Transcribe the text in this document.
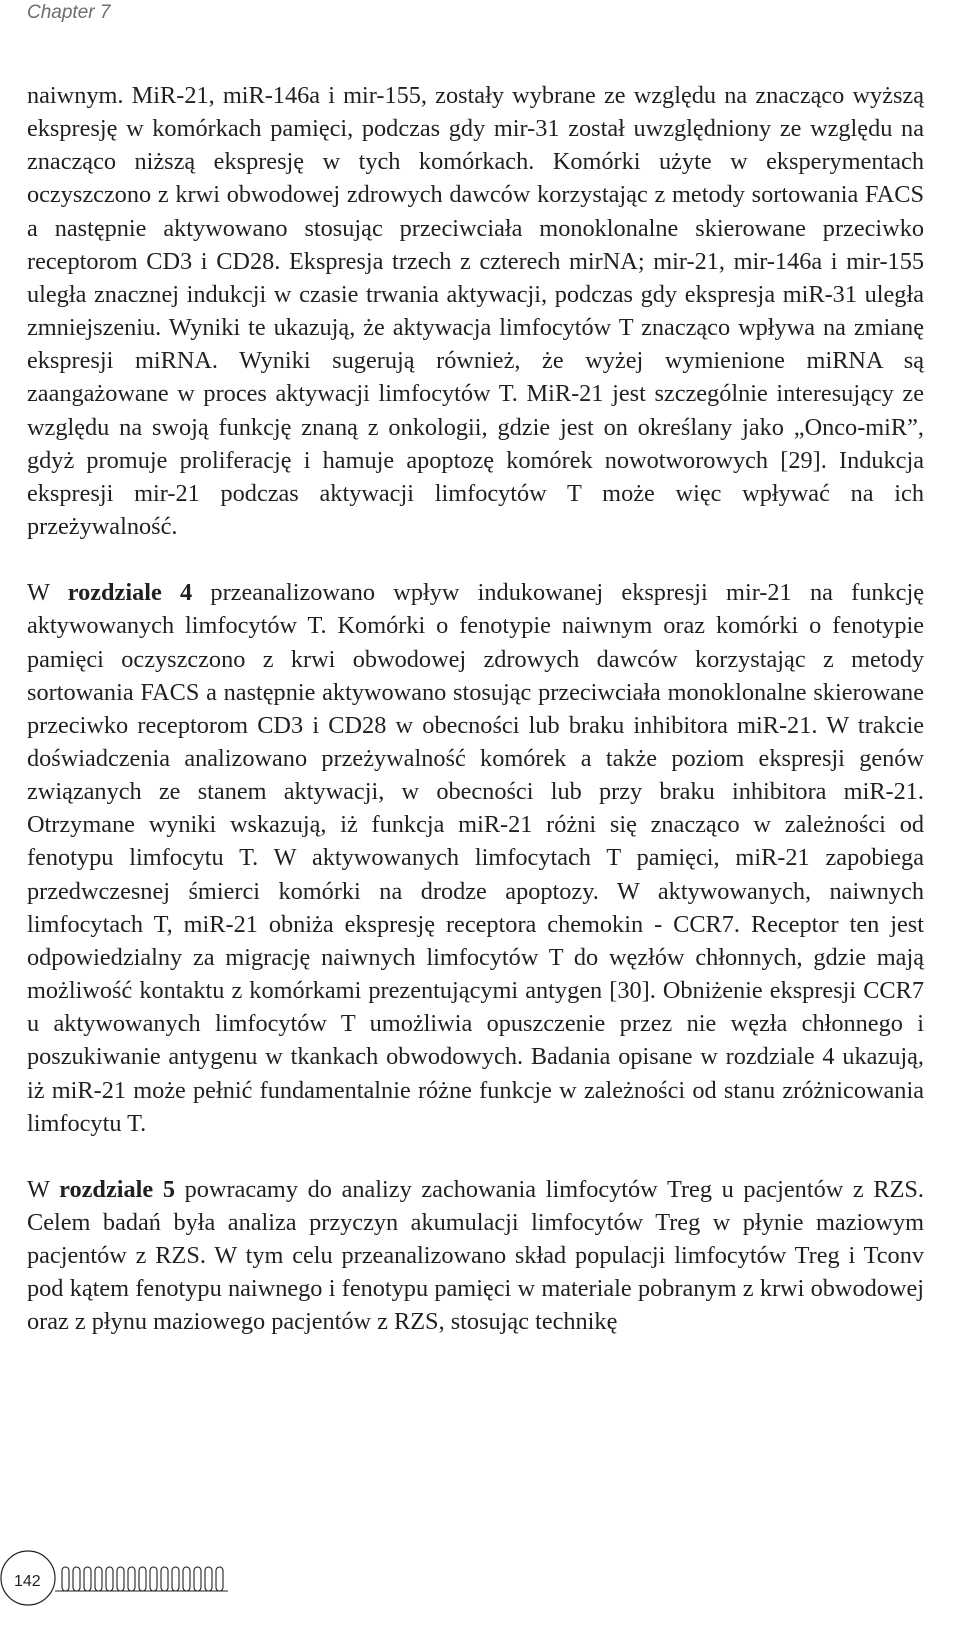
Chapter 7

naiwnym. MiR-21, miR-146a i mir-155, zostały wybrane ze względu na znacząco wyższą ekspresję w komórkach pamięci, podczas gdy mir-31 został uwzględniony ze względu na znacząco niższą ekspresję w tych komórkach. Komórki użyte w eksperymentach oczyszczono z krwi obwodowej zdrowych dawców korzystając z metody sortowania FACS a następnie aktywowano stosując przeciwciała monoklonalne skierowane przeciwko receptorom CD3 i CD28. Ekspresja trzech z czterech mirNA; mir-21, mir-146a i mir-155 uległa znacznej indukcji w czasie trwania aktywacji, podczas gdy ekspresja miR-31 uległa zmniejszeniu. Wyniki te ukazują, że aktywacja limfocytów T znacząco wpływa na zmianę ekspresji miRNA. Wyniki sugerują również, że wyżej wymienione miRNA są zaangażowane w proces aktywacji limfocytów T. MiR-21 jest szczególnie interesujący ze względu na swoją funkcję znaną z onkologii, gdzie jest on określany jako „Onco-miR”, gdyż promuje proliferację i hamuje apoptozę komórek nowotworowych [29]. Indukcja ekspresji mir-21 podczas aktywacji limfocytów T może więc wpływać na ich przeżywalność.

W rozdziale 4 przeanalizowano wpływ indukowanej ekspresji mir-21 na funkcję aktywowanych limfocytów T. Komórki o fenotypie naiwnym oraz komórki o fenotypie pamięci oczyszczono z krwi obwodowej zdrowych dawców korzystając z metody sortowania FACS a następnie aktywowano stosując przeciwciała monoklonalne skierowane przeciwko receptorom CD3 i CD28 w obecności lub braku inhibitora miR-21. W trakcie doświadczenia analizowano przeżywalność komórek a także poziom ekspresji genów związanych ze stanem aktywacji, w obecności lub przy braku inhibitora miR-21. Otrzymane wyniki wskazują, iż funkcja miR-21 różni się znacząco w zależności od fenotypu limfocytu T. W aktywowanych limfocytach T pamięci, miR-21 zapobiega przedwczesnej śmierci komórki na drodze apoptozy. W aktywowanych, naiwnych limfocytach T, miR-21 obniża ekspresję receptora chemokin - CCR7. Receptor ten jest odpowiedzialny za migrację naiwnych limfocytów T do węzłów chłonnych, gdzie mają możliwość kontaktu z komórkami prezentującymi antygen [30]. Obniżenie ekspresji CCR7 u aktywowanych limfocytów T umożliwia opuszczenie przez nie węzła chłonnego i poszukiwanie antygenu w tkankach obwodowych. Badania opisane w rozdziale 4 ukazują, iż miR-21 może pełnić fundamentalnie różne funkcje w zależności od stanu zróżnicowania limfocytu T.

W rozdziale 5 powracamy do analizy zachowania limfocytów Treg u pacjentów z RZS. Celem badań była analiza przyczyn akumulacji limfocytów Treg w płynie maziowym pacjentów z RZS. W tym celu przeanalizowano skład populacji limfocytów Treg i Tconv pod kątem fenotypu naiwnego i fenotypu pamięci w materiale pobranym z krwi obwodowej oraz z płynu maziowego pacjentów z RZS, stosując technikę

142
